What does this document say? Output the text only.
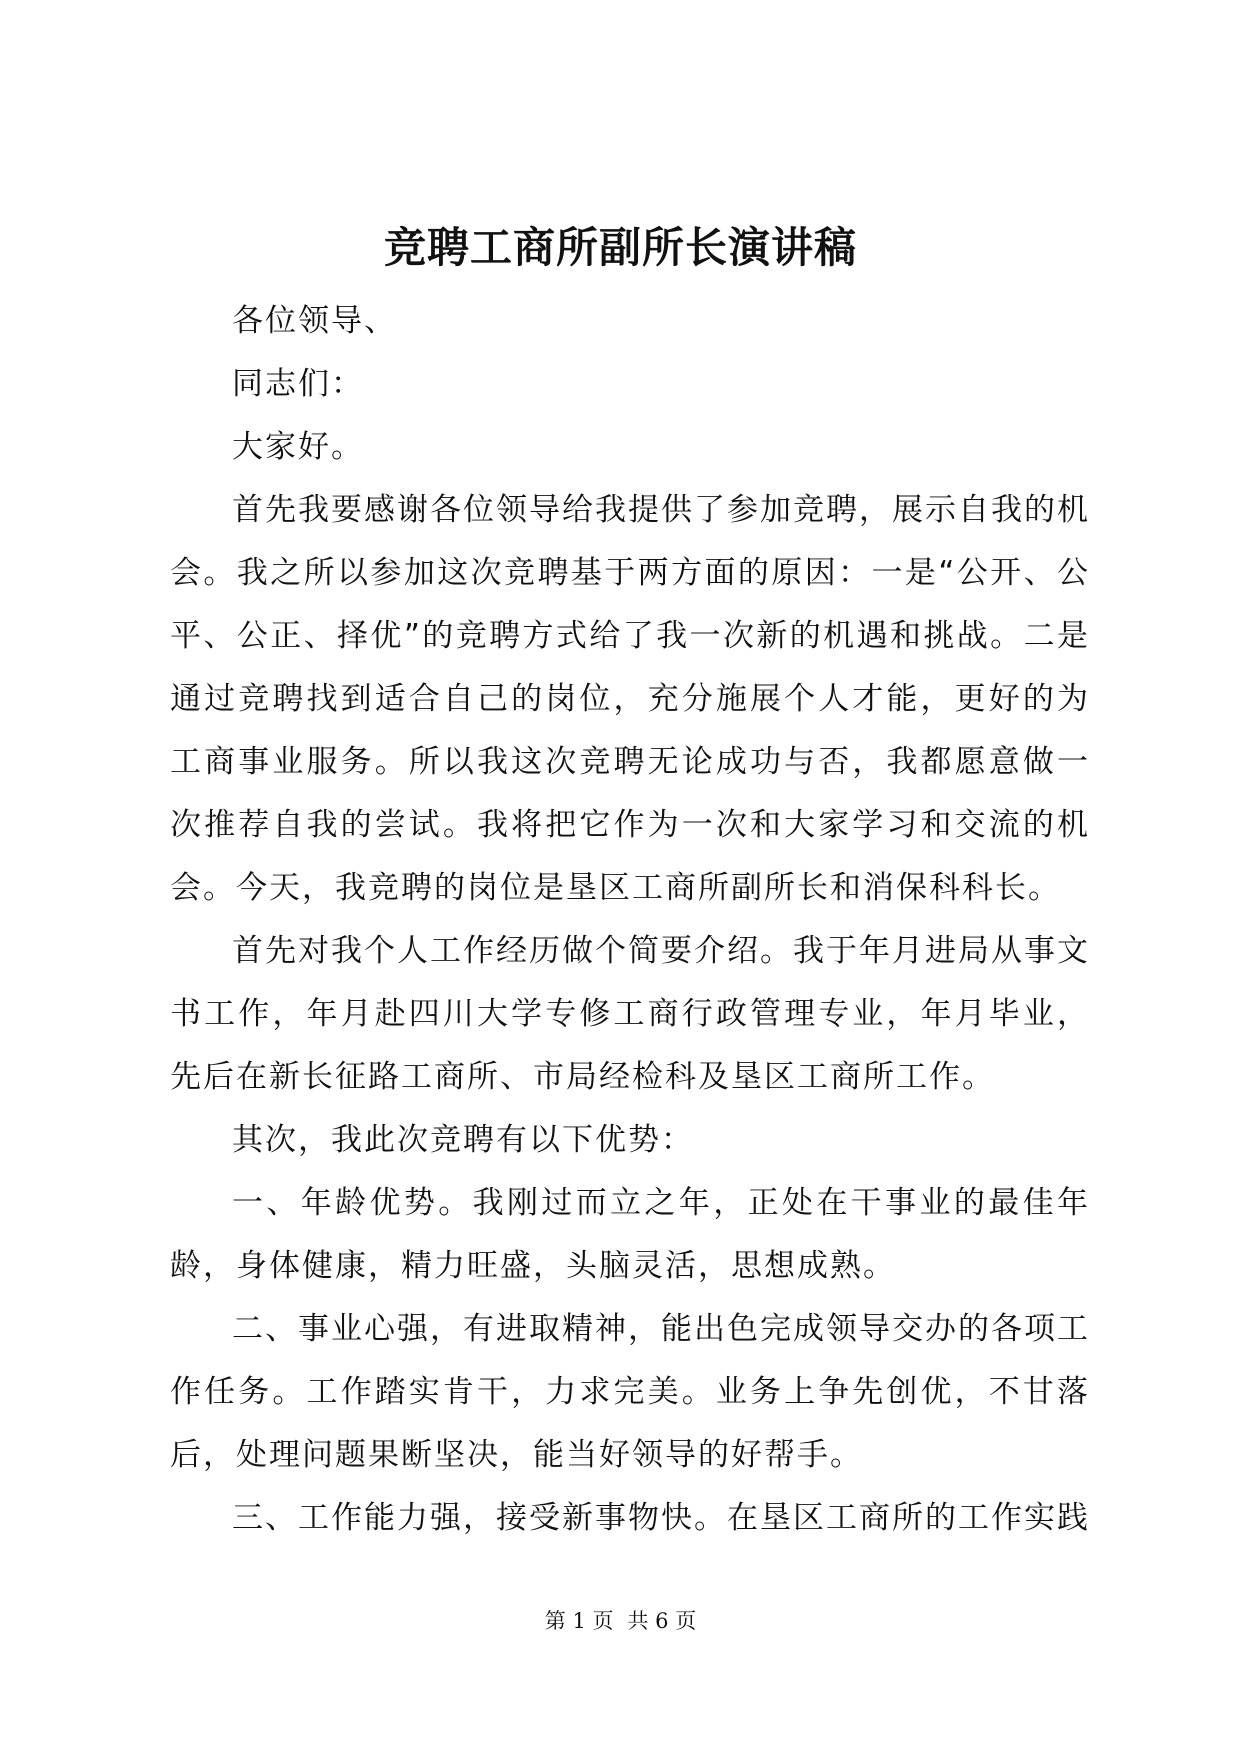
竞聘工商所副所长演讲稿

各位领导、

同志们：

大家好。

首先我要感谢各位领导给我提供了参加竞聘，展示自我的机会。我之所以参加这次竞聘基于两方面的原因：一是“公开、公平、公正、择优”的竞聘方式给了我一次新的机遇和挑战。二是通过竞聘找到适合自己的岗位，充分施展个人才能，更好的为工商事业服务。所以我这次竞聘无论成功与否，我都愿意做一次推荐自我的尝试。我将把它作为一次和大家学习和交流的机会。今天，我竞聘的岗位是垦区工商所副所长和消保科科长。

首先对我个人工作经历做个简要介绍。我于年月进局从事文书工作，年月赴四川大学专修工商行政管理专业，年月毕业，先后在新长征路工商所、市局经检科及垦区工商所工作。

其次，我此次竞聘有以下优势：

一、年龄优势。我刚过而立之年，正处在干事业的最佳年龄，身体健康，精力旺盛，头脑灵活，思想成熟。

二、事业心强，有进取精神，能出色完成领导交办的各项工作任务。工作踏实肯干，力求完美。业务上争先创优，不甘落后，处理问题果断坚决，能当好领导的好帮手。

三、工作能力强，接受新事物快。在垦区工商所的工作实践

第 1 页 共 6 页
